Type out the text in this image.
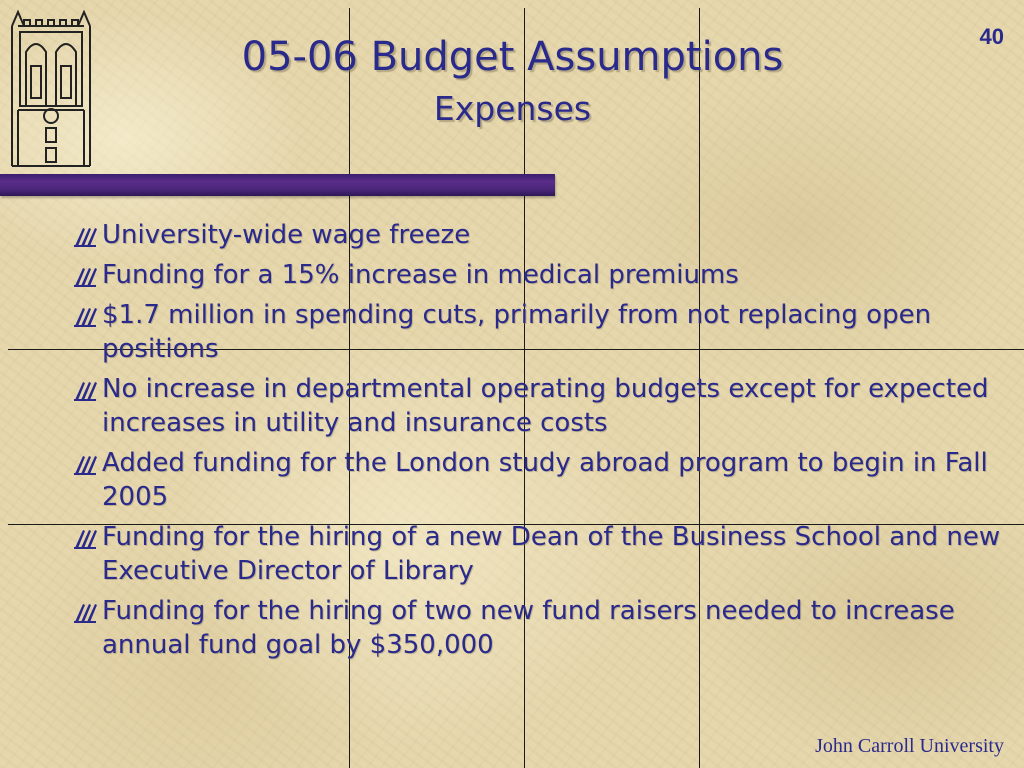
05-06 Budget Assumptions
Expenses
40
University-wide wage freeze
Funding for a 15% increase in medical premiums
$1.7 million in spending cuts, primarily from not replacing open positions
No increase in departmental operating budgets except for expected increases in utility and insurance costs
Added funding for the London study abroad program to begin in Fall 2005
Funding for the hiring of a new Dean of the Business School and new Executive Director of Library
Funding for the hiring of two new fund raisers needed to increase annual fund goal by $350,000
John Carroll University
